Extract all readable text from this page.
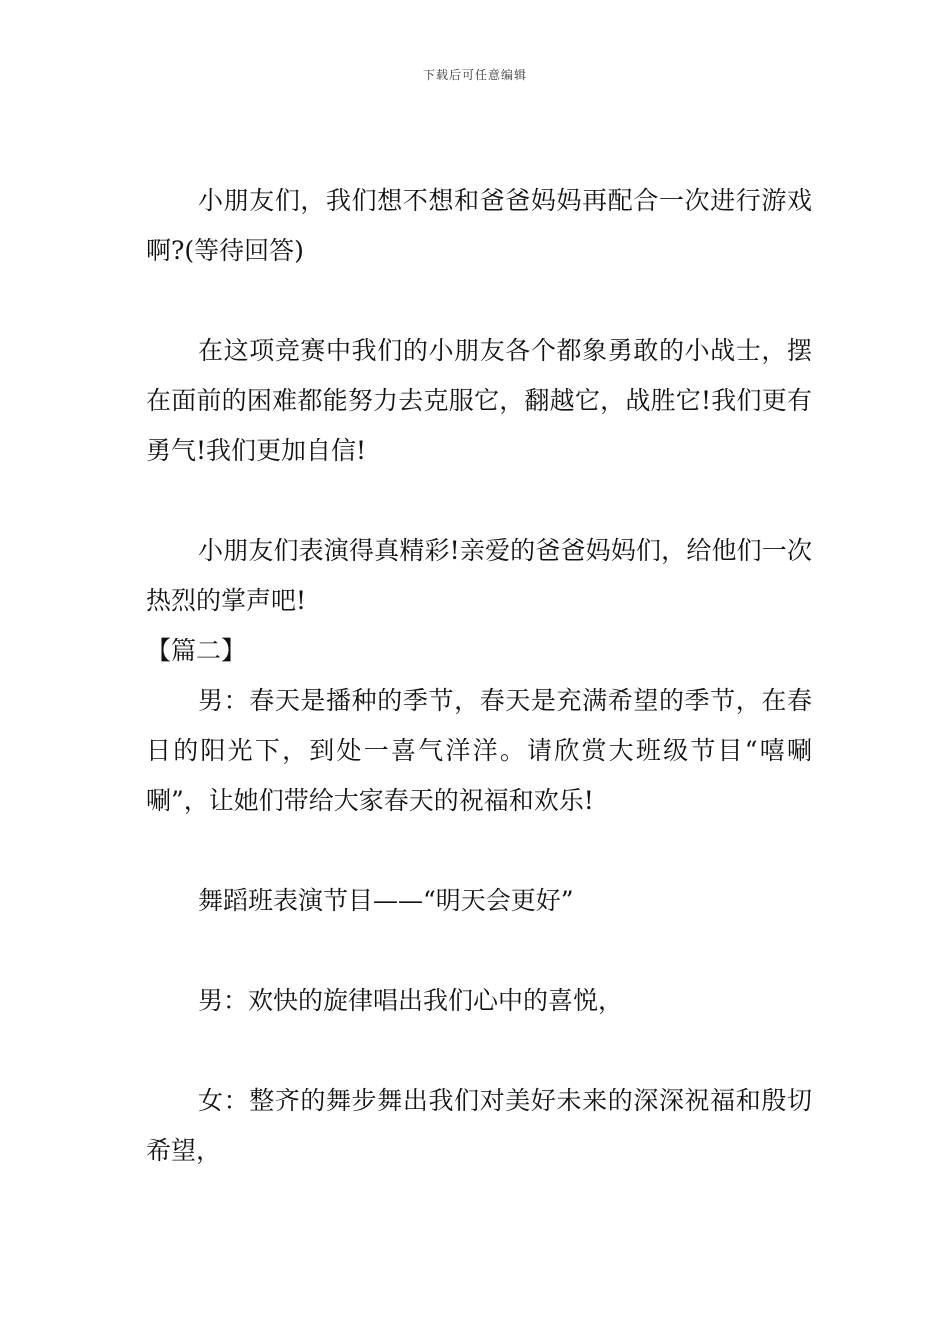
下载后可任意编辑

小朋友们，我们想不想和爸爸妈妈再配合一次进行游戏啊?(等待回答)

在这项竞赛中我们的小朋友各个都象勇敢的小战士，摆在面前的困难都能努力去克服它，翻越它，战胜它!我们更有勇气!我们更加自信!

小朋友们表演得真精彩!亲爱的爸爸妈妈们，给他们一次热烈的掌声吧!

【篇二】

男：春天是播种的季节，春天是充满希望的季节，在春日的阳光下，到处一喜气洋洋。请欣赏大班级节目“嘻唰唰”，让她们带给大家春天的祝福和欢乐!

舞蹈班表演节目——“明天会更好”

男：欢快的旋律唱出我们心中的喜悦，

女：整齐的舞步舞出我们对美好未来的深深祝福和殷切希望，
